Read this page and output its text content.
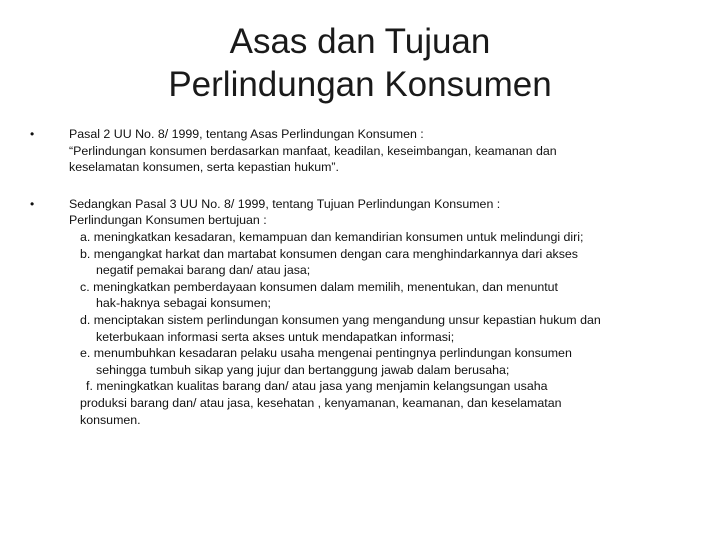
Asas dan Tujuan
Perlindungan Konsumen
•	Pasal 2 UU No. 8/ 1999, tentang Asas Perlindungan Konsumen :
“Perlindungan konsumen berdasarkan manfaat, keadilan, keseimbangan, keamanan dan
keselamatan konsumen, serta kepastian hukum”.
•	Sedangkan Pasal 3 UU No. 8/ 1999, tentang Tujuan Perlindungan Konsumen :
Perlindungan Konsumen bertujuan :
a. meningkatkan kesadaran, kemampuan dan kemandirian konsumen untuk melindungi diri;
b. mengangkat harkat dan martabat konsumen dengan cara menghindarkannya dari akses
negatif pemakai barang dan/ atau jasa;
c. meningkatkan pemberdayaan konsumen dalam memilih, menentukan, dan menuntut
hak-haknya sebagai konsumen;
d. menciptakan sistem perlindungan konsumen yang mengandung unsur kepastian hukum dan
keterbukaan informasi serta akses untuk mendapatkan informasi;
e. menumbuhkan kesadaran pelaku usaha mengenai pentingnya perlindungan konsumen
sehingga tumbuh sikap yang jujur dan bertanggung jawab dalam berusaha;
f. meningkatkan kualitas barang dan/ atau jasa yang menjamin kelangsungan usaha
produksi barang dan/ atau jasa, kesehatan , kenyamanan, keamanan, dan keselamatan
konsumen.
